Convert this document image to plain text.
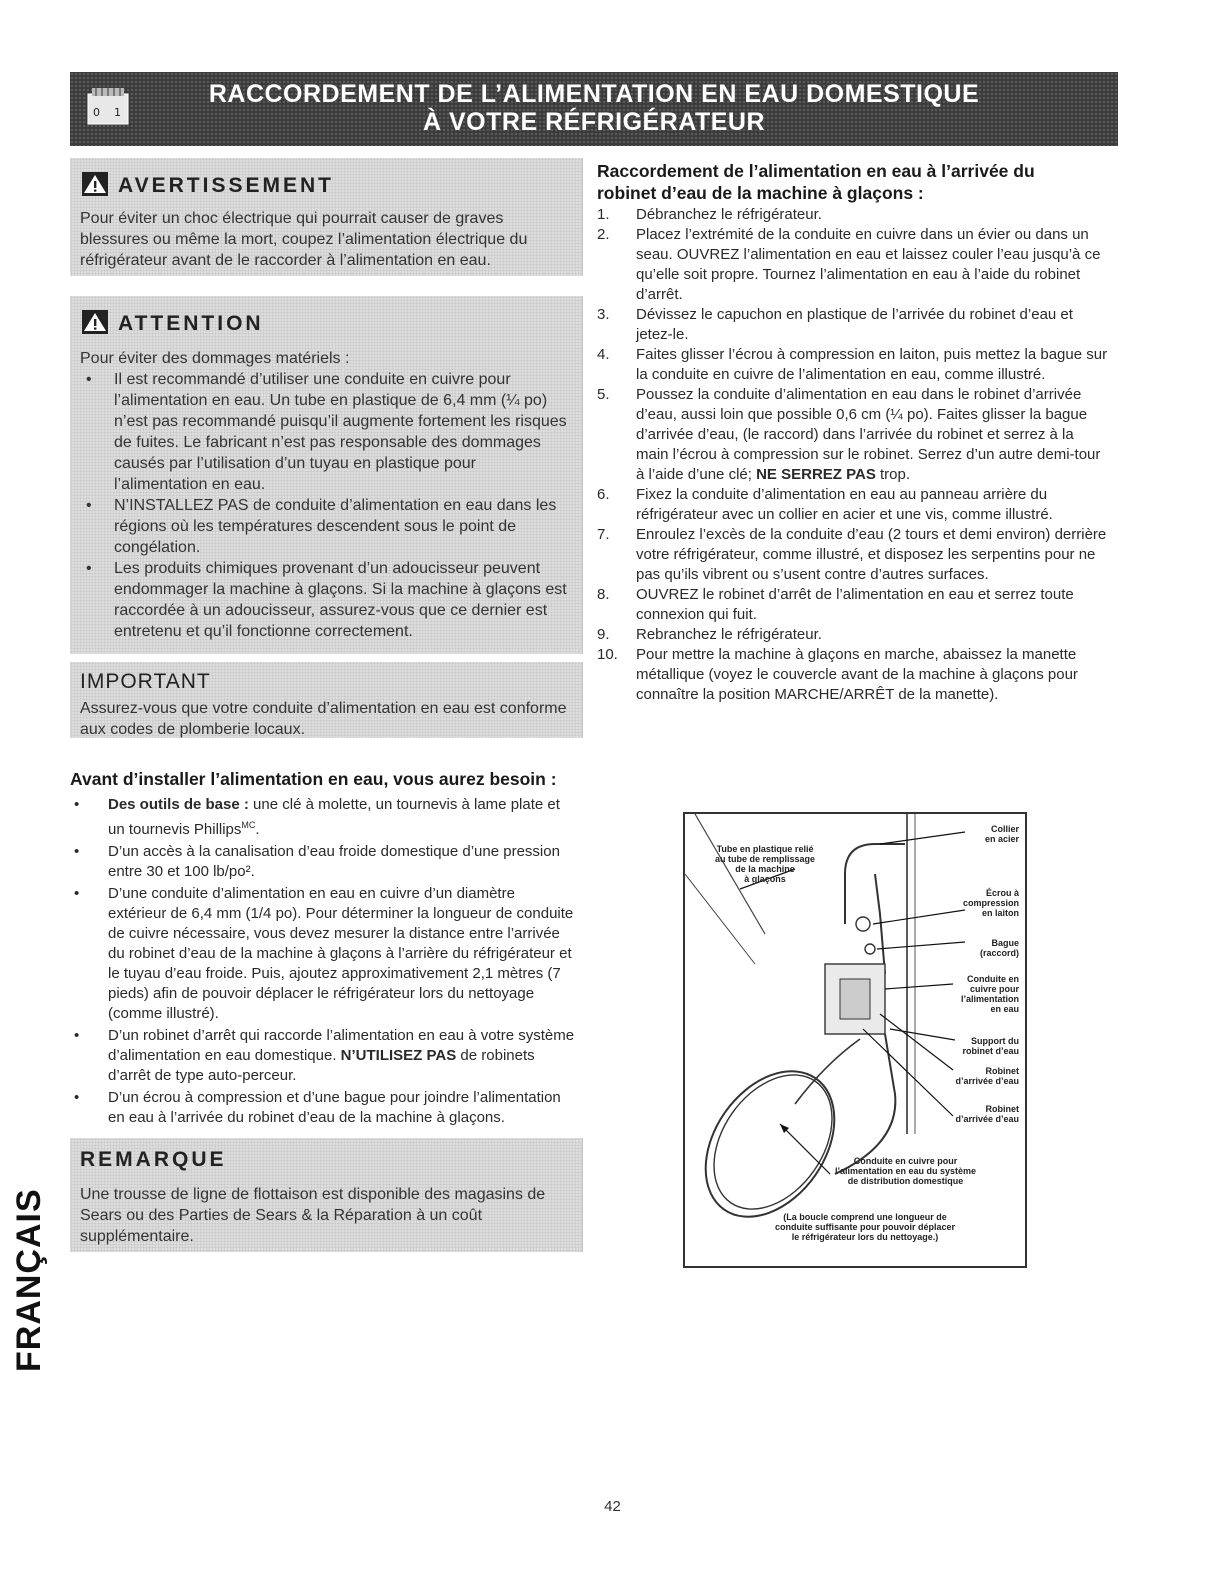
0 1
RACCORDEMENT DE L’ALIMENTATION EN EAU DOMESTIQUE
À VOTRE RÉFRIGÉRATEUR
AVERTISSEMENT
Pour éviter un choc électrique qui pourrait causer de graves blessures ou même la mort, coupez l’alimentation électrique du réfrigérateur avant de le raccorder à l’alimentation en eau.
ATTENTION
Pour éviter des dommages matériels :
• Il est recommandé d’utiliser une conduite en cuivre pour l’alimentation en eau. Un tube en plastique de 6,4 mm (¼ po) n’est pas recommandé puisqu’il augmente fortement les risques de fuites. Le fabricant n’est pas responsable des dommages causés par l’utilisation d’un tuyau en plastique pour l’alimentation en eau.
• N’INSTALLEZ PAS de conduite d’alimentation en eau dans les régions où les températures descendent sous le point de congélation.
• Les produits chimiques provenant d’un adoucisseur peuvent endommager la machine à glaçons. Si la machine à glaçons est raccordée à un adoucisseur, assurez-vous que ce dernier est entretenu et qu’il fonctionne correctement.
IMPORTANT
Assurez-vous que votre conduite d’alimentation en eau est conforme aux codes de plomberie locaux.
Avant d’installer l’alimentation en eau, vous aurez besoin :
• Des outils de base : une clé à molette, un tournevis à lame plate et un tournevis Phillips$^{MC}$.
• D’un accès à la canalisation d’eau froide domestique d’une pression entre 30 et 100 lb/po².
• D’une conduite d’alimentation en eau en cuivre d’un diamètre extérieur de 6,4 mm (1/4 po). Pour déterminer la longueur de conduite de cuivre nécessaire, vous devez mesurer la distance entre l’arrivée du robinet d’eau de la machine à glaçons à l’arrière du réfrigérateur et le tuyau d’eau froide. Puis, ajoutez approximativement 2,1 mètres (7 pieds) afin de pouvoir déplacer le réfrigérateur lors du nettoyage (comme illustré).
• D’un robinet d’arrêt qui raccorde l’alimentation en eau à votre système d’alimentation en eau domestique. N’UTILISEZ PAS de robinets d’arrêt de type auto-perceur.
• D’un écrou à compression et d’une bague pour joindre l’alimentation en eau à l’arrivée du robinet d’eau de la machine à glaçons.
REMARQUE
Une trousse de ligne de flottaison est disponible des magasins de Sears ou des Parties de Sears & la Réparation à un coût supplémentaire.
Raccordement de l’alimentation en eau à l’arrivée du robinet d’eau de la machine à glaçons :
1. Débranchez le réfrigérateur.
2. Placez l’extrémité de la conduite en cuivre dans un évier ou dans un seau. OUVREZ l’alimentation en eau et laissez couler l’eau jusqu’à ce qu’elle soit propre. Tournez l’alimentation en eau à l’aide du robinet d’arrêt.
3. Dévissez le capuchon en plastique de l’arrivée du robinet d’eau et jetez-le.
4. Faites glisser l’écrou à compression en laiton, puis mettez la bague sur la conduite en cuivre de l’alimentation en eau, comme illustré.
5. Poussez la conduite d’alimentation en eau dans le robinet d’arrivée d’eau, aussi loin que possible 0,6 cm (¼ po). Faites glisser la bague d’arrivée d’eau, (le raccord) dans l’arrivée du robinet et serrez à la main l’écrou à compression sur le robinet. Serrez d’un autre demi-tour à l’aide d’une clé; NE SERREZ PAS trop.
6. Fixez la conduite d’alimentation en eau au panneau arrière du réfrigérateur avec un collier en acier et une vis, comme illustré.
7. Enroulez l’excès de la conduite d’eau (2 tours et demi environ) derrière votre réfrigérateur, comme illustré, et disposez les serpentins pour ne pas qu’ils vibrent ou s’usent contre d’autres surfaces.
8. OUVREZ le robinet d’arrêt de l’alimentation en eau et serrez toute connexion qui fuit.
9. Rebranchez le réfrigérateur.
10. Pour mettre la machine à glaçons en marche, abaissez la manette métallique (voyez le couvercle avant de la machine à glaçons pour connaître la position MARCHE/ARRÊT de la manette).
Tube en plastique relié
au tube de remplissage
de la machine
à glaçons
Collier
en acier
Écrou à
compression
en laiton
Bague
(raccord)
Conduite en
cuivre pour
l’alimentation
en eau
Support du
robinet d’eau
Robinet
d’arrivée d’eau
Robinet
d’arrivée d’eau
Conduite en cuivre pour
l’alimentation en eau du système
de distribution domestique
(La boucle comprend une longueur de
conduite suffisante pour pouvoir déplacer
le réfrigérateur lors du nettoyage.)
FRANÇAIS
42
